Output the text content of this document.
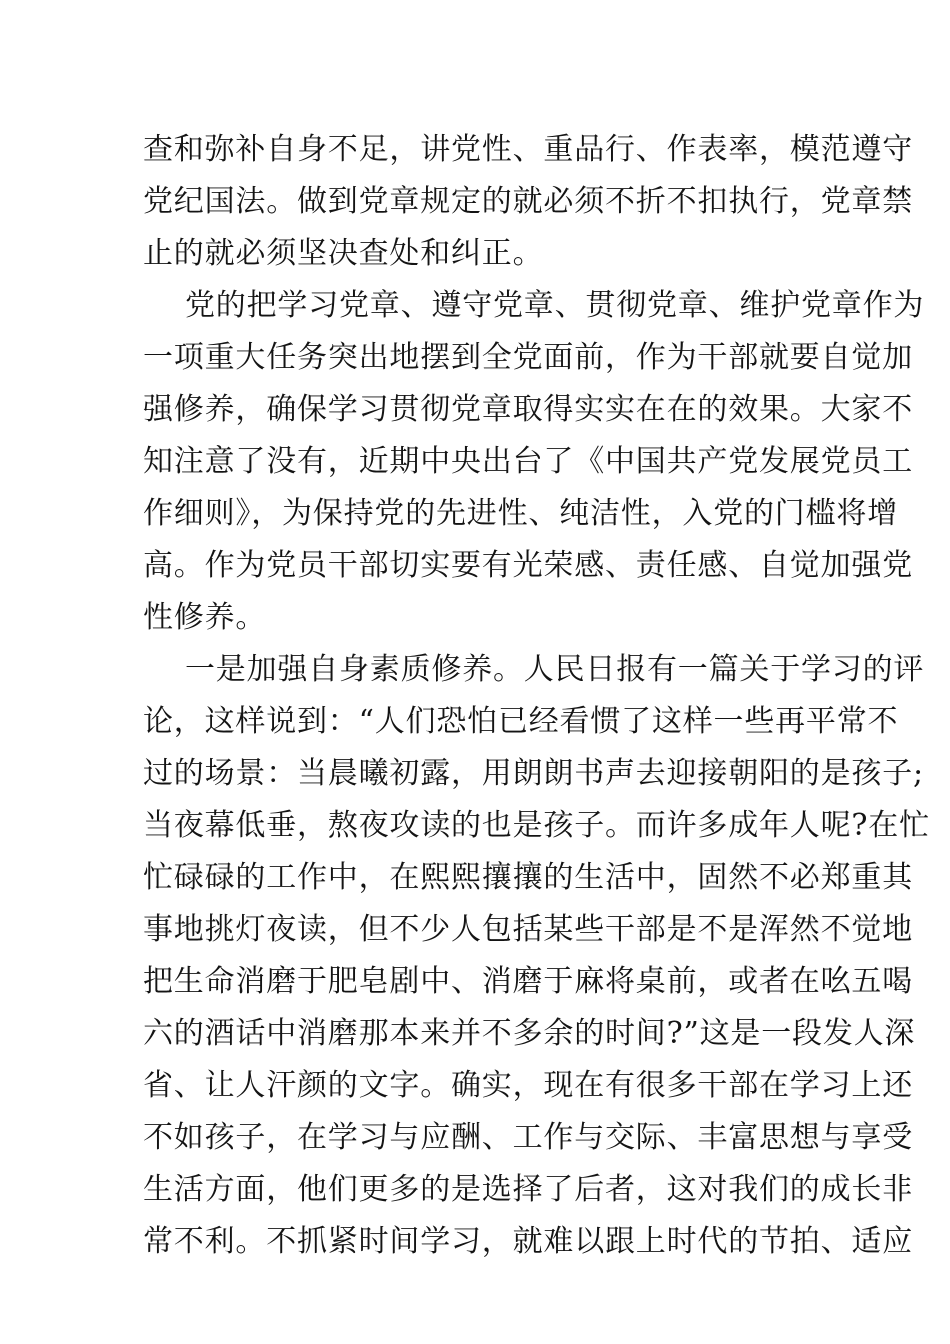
查和弥补自身不足，讲党性、重品行、作表率，模范遵守
党纪国法。做到党章规定的就必须不折不扣执行，党章禁
止的就必须坚决查处和纠正。
党的把学习党章、遵守党章、贯彻党章、维护党章作为
一项重大任务突出地摆到全党面前，作为干部就要自觉加
强修养，确保学习贯彻党章取得实实在在的效果。大家不
知注意了没有，近期中央出台了《中国共产党发展党员工
作细则》，为保持党的先进性、纯洁性，入党的门槛将增
高。作为党员干部切实要有光荣感、责任感、自觉加强党
性修养。
一是加强自身素质修养。人民日报有一篇关于学习的评
论，这样说到：“人们恐怕已经看惯了这样一些再平常不
过的场景：当晨曦初露，用朗朗书声去迎接朝阳的是孩子;
当夜幕低垂，熬夜攻读的也是孩子。而许多成年人呢?在忙
忙碌碌的工作中，在熙熙攘攘的生活中，固然不必郑重其
事地挑灯夜读，但不少人包括某些干部是不是浑然不觉地
把生命消磨于肥皂剧中、消磨于麻将桌前，或者在吆五喝
六的酒话中消磨那本来并不多余的时间?”这是一段发人深
省、让人汗颜的文字。确实，现在有很多干部在学习上还
不如孩子，在学习与应酬、工作与交际、丰富思想与享受
生活方面，他们更多的是选择了后者，这对我们的成长非
常不利。不抓紧时间学习，就难以跟上时代的节拍、适应
